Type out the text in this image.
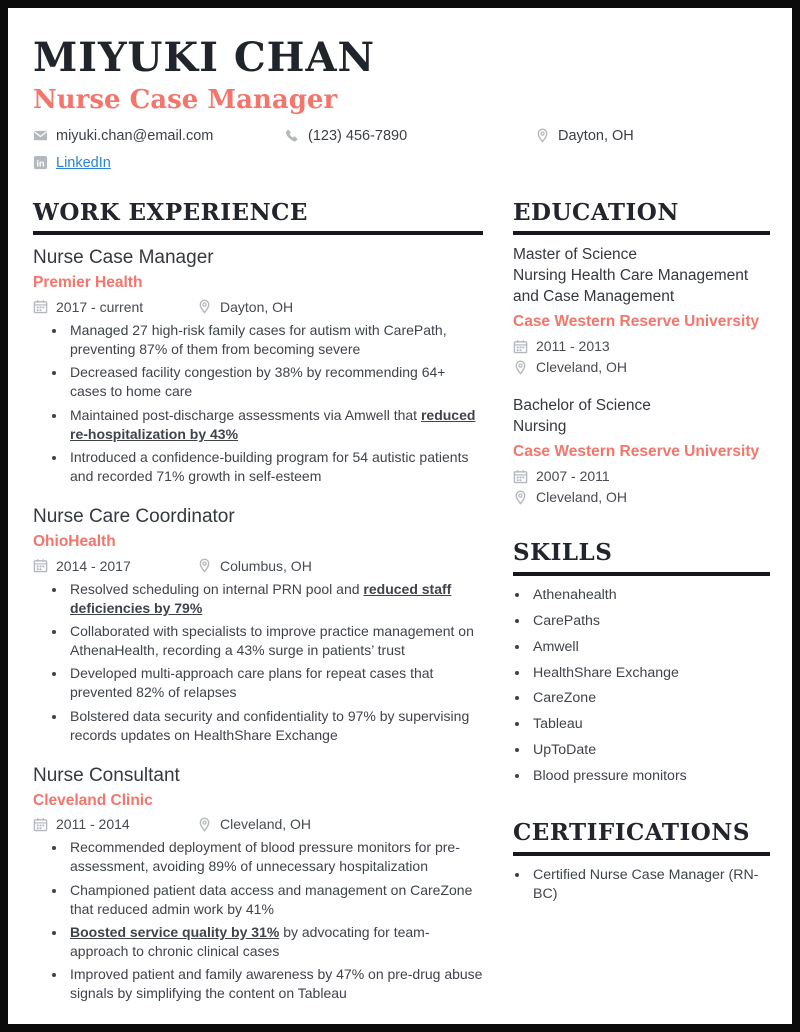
MIYUKI CHAN
Nurse Case Manager
miyuki.chan@email.com	(123) 456-7890	Dayton, OH
in LinkedIn
WORK EXPERIENCE
Nurse Case Manager
Premier Health
2017 - current	Dayton, OH
• Managed 27 high-risk family cases for autism with CarePath, preventing 87% of them from becoming severe
• Decreased facility congestion by 38% by recommending 64+ cases to home care
• Maintained post-discharge assessments via Amwell that reduced re-hospitalization by 43%
• Introduced a confidence-building program for 54 autistic patients and recorded 71% growth in self-esteem
Nurse Care Coordinator
OhioHealth
2014 - 2017	Columbus, OH
• Resolved scheduling on internal PRN pool and reduced staff deficiencies by 79%
• Collaborated with specialists to improve practice management on AthenaHealth, recording a 43% surge in patients’ trust
• Developed multi-approach care plans for repeat cases that prevented 82% of relapses
• Bolstered data security and confidentiality to 97% by supervising records updates on HealthShare Exchange
Nurse Consultant
Cleveland Clinic
2011 - 2014	Cleveland, OH
• Recommended deployment of blood pressure monitors for pre-assessment, avoiding 89% of unnecessary hospitalization
• Championed patient data access and management on CareZone that reduced admin work by 41%
• Boosted service quality by 31% by advocating for team-approach to chronic clinical cases
• Improved patient and family awareness by 47% on pre-drug abuse signals by simplifying the content on Tableau
EDUCATION
Master of Science
Nursing Health Care Management and Case Management
Case Western Reserve University
2011 - 2013
Cleveland, OH
Bachelor of Science
Nursing
Case Western Reserve University
2007 - 2011
Cleveland, OH
SKILLS
• Athenahealth
• CarePaths
• Amwell
• HealthShare Exchange
• CareZone
• Tableau
• UpToDate
• Blood pressure monitors
CERTIFICATIONS
• Certified Nurse Case Manager (RN-BC)
